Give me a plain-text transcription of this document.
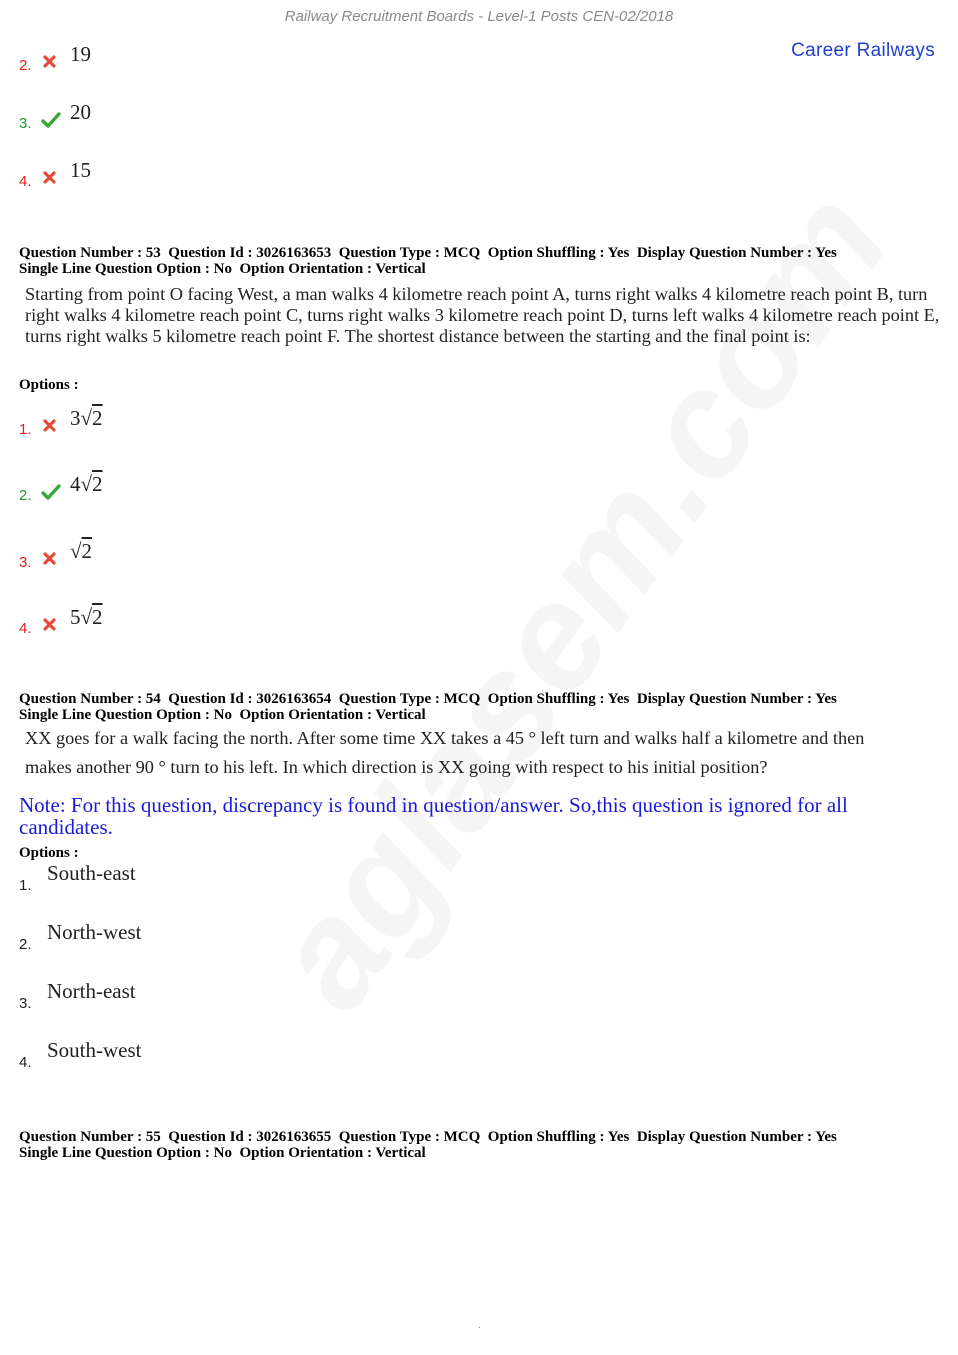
Railway Recruitment Boards - Level-1 Posts CEN-02/2018
Career Railways
2.	19
3.	20
4.	15
Question Number : 53  Question Id : 3026163653  Question Type : MCQ  Option Shuffling : Yes  Display Question Number : Yes
Single Line Question Option : No  Option Orientation : Vertical
Starting from point O facing West, a man walks 4 kilometre reach point A, turns right walks 4 kilometre reach point B, turn right walks 4 kilometre reach point C, turns right walks 3 kilometre reach point D, turns left walks 4 kilometre reach point E, turns right walks 5 kilometre reach point F. The shortest distance between the starting and the final point is:
Options :
1.	3√2
2.	4√2
3.	√2
4.	5√2
Question Number : 54  Question Id : 3026163654  Question Type : MCQ  Option Shuffling : Yes  Display Question Number : Yes
Single Line Question Option : No  Option Orientation : Vertical
XX goes for a walk facing the north. After some time XX takes a 45 ° left turn and walks half a kilometre and then
makes another 90 ° turn to his left. In which direction is XX going with respect to his initial position?
Note: For this question, discrepancy is found in question/answer. So,this question is ignored for all candidates.
Options :
1.
South-east
2.
North-west
3.
North-east
4.
South-west
Question Number : 55  Question Id : 3026163655  Question Type : MCQ  Option Shuffling : Yes  Display Question Number : Yes
Single Line Question Option : No  Option Orientation : Vertical
.
